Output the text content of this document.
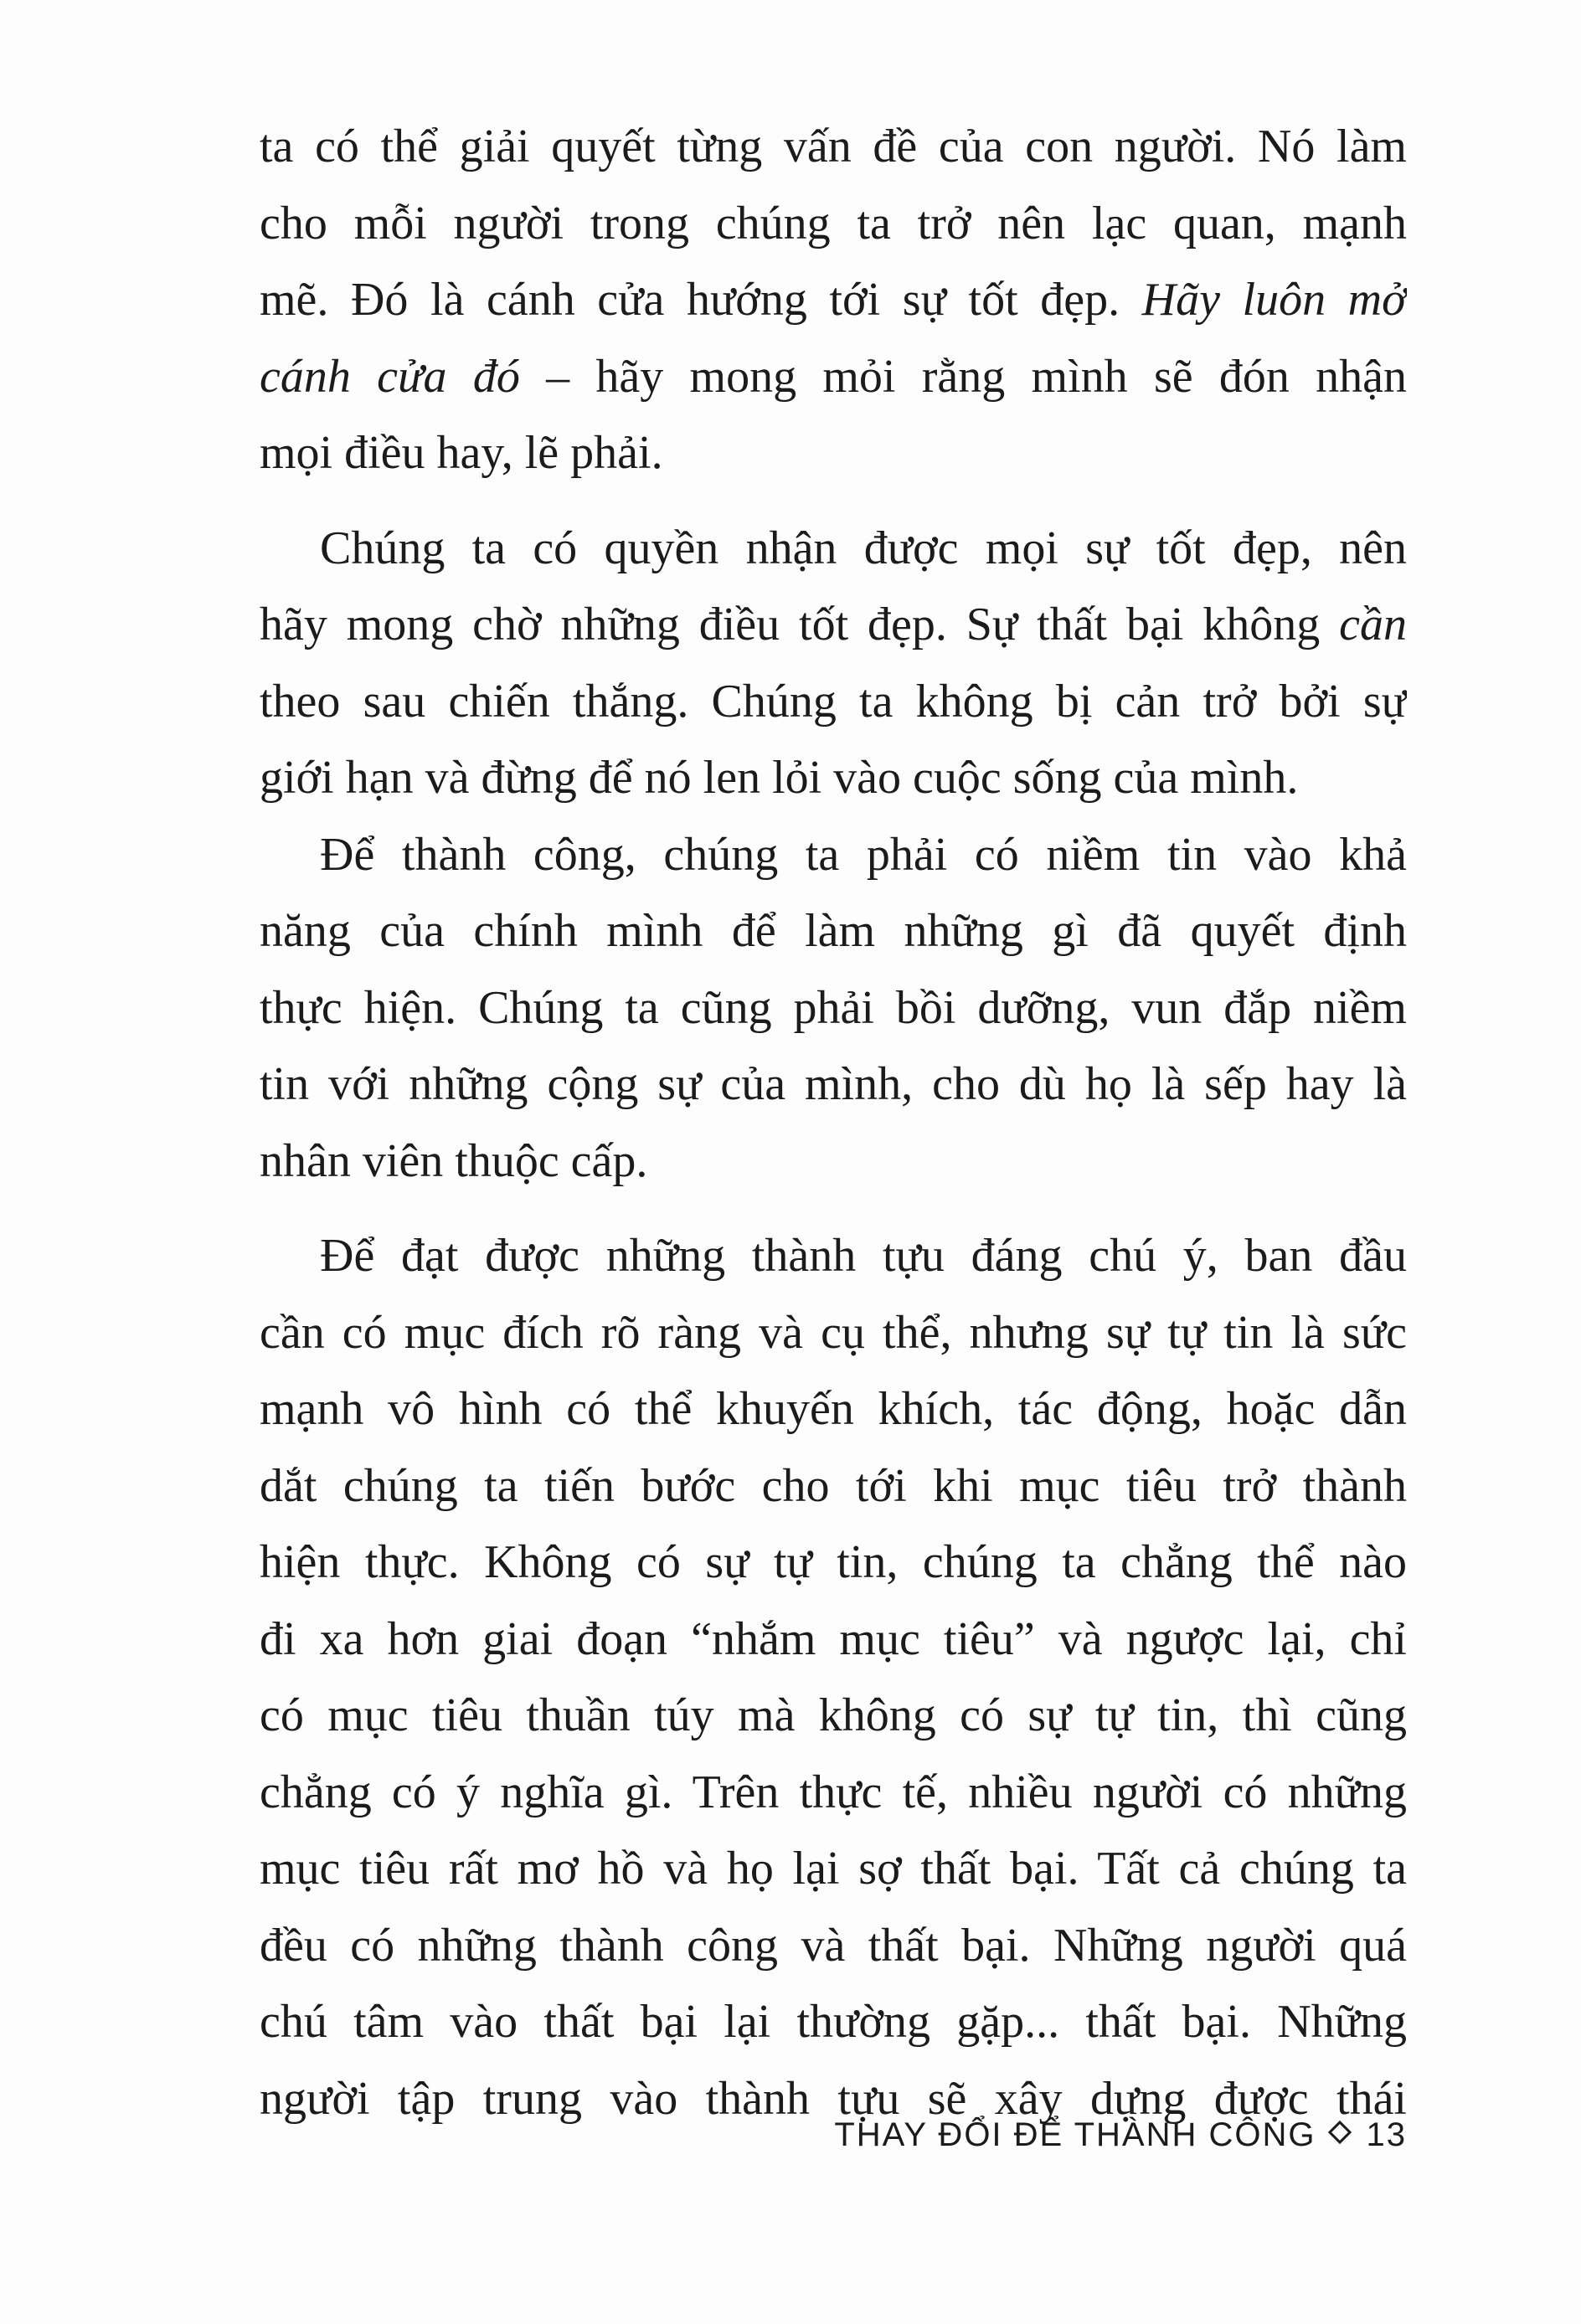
ta có thể giải quyết từng vấn đề của con người. Nó làm
cho mỗi người trong chúng ta trở nên lạc quan, mạnh
mẽ. Đó là cánh cửa hướng tới sự tốt đẹp. Hãy luôn mở
cánh cửa đó – hãy mong mỏi rằng mình sẽ đón nhận
mọi điều hay, lẽ phải.
Chúng ta có quyền nhận được mọi sự tốt đẹp, nên
hãy mong chờ những điều tốt đẹp. Sự thất bại không cần
theo sau chiến thắng. Chúng ta không bị cản trở bởi sự
giới hạn và đừng để nó len lỏi vào cuộc sống của mình.
Để thành công, chúng ta phải có niềm tin vào khả
năng của chính mình để làm những gì đã quyết định
thực hiện. Chúng ta cũng phải bồi dưỡng, vun đắp niềm
tin với những cộng sự của mình, cho dù họ là sếp hay là
nhân viên thuộc cấp.
Để đạt được những thành tựu đáng chú ý, ban đầu
cần có mục đích rõ ràng và cụ thể, nhưng sự tự tin là sức
mạnh vô hình có thể khuyến khích, tác động, hoặc dẫn
dắt chúng ta tiến bước cho tới khi mục tiêu trở thành
hiện thực. Không có sự tự tin, chúng ta chẳng thể nào
đi xa hơn giai đoạn “nhắm mục tiêu” và ngược lại, chỉ
có mục tiêu thuần túy mà không có sự tự tin, thì cũng
chẳng có ý nghĩa gì. Trên thực tế, nhiều người có những
mục tiêu rất mơ hồ và họ lại sợ thất bại. Tất cả chúng ta
đều có những thành công và thất bại. Những người quá
chú tâm vào thất bại lại thường gặp... thất bại. Những
người tập trung vào thành tựu sẽ xây dựng được thái
THAY ĐỔI ĐỂ THÀNH CÔNG 13
